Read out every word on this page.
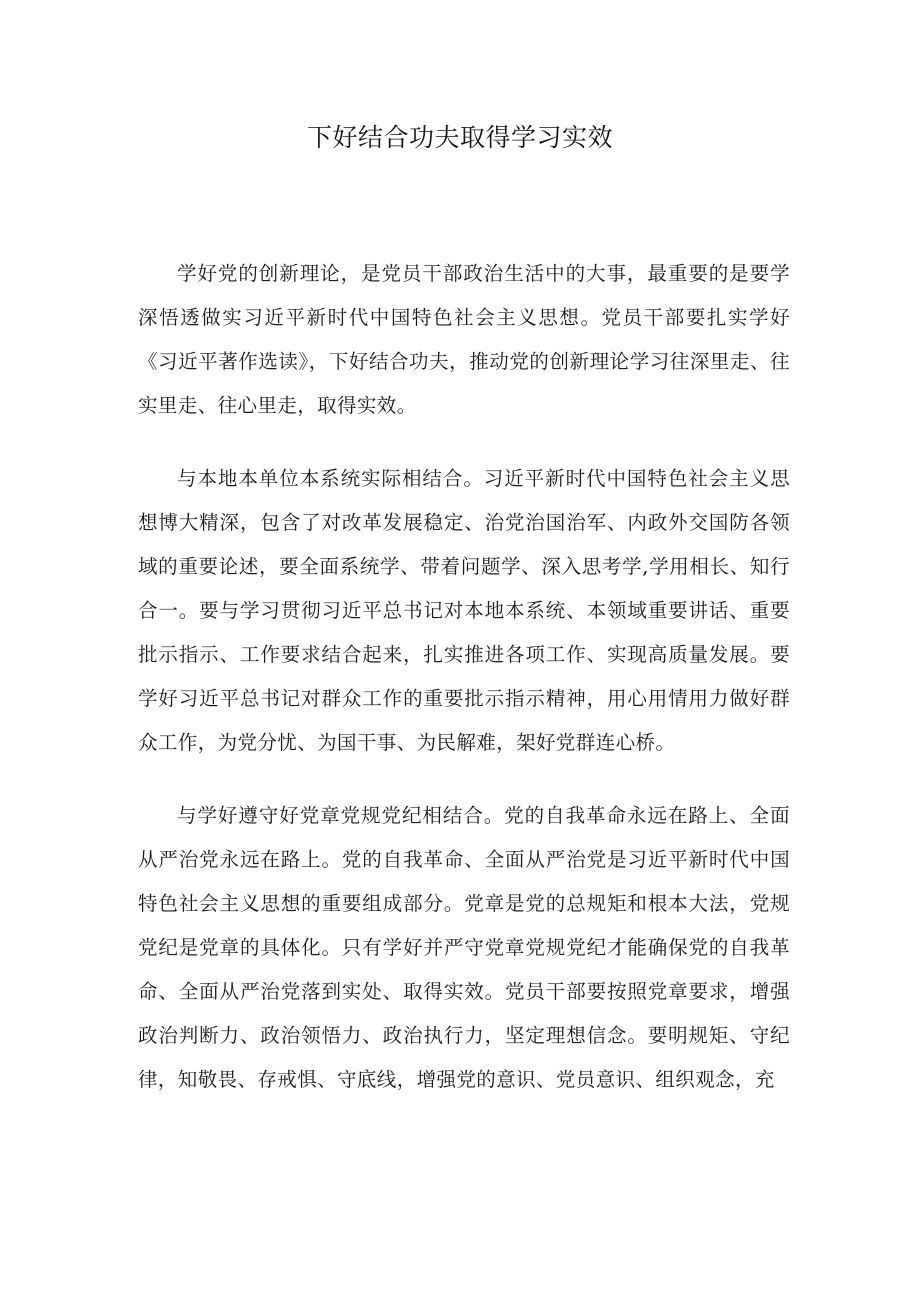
下好结合功夫取得学习实效

学好党的创新理论，是党员干部政治生活中的大事，最重要的是要学深悟透做实习近平新时代中国特色社会主义思想。党员干部要扎实学好《习近平著作选读》，下好结合功夫，推动党的创新理论学习往深里走、往实里走、往心里走，取得实效。

与本地本单位本系统实际相结合。习近平新时代中国特色社会主义思想博大精深，包含了对改革发展稳定、治党治国治军、内政外交国防各领域的重要论述，要全面系统学、带着问题学、深入思考学,学用相长、知行合一。要与学习贯彻习近平总书记对本地本系统、本领域重要讲话、重要批示指示、工作要求结合起来，扎实推进各项工作、实现高质量发展。要学好习近平总书记对群众工作的重要批示指示精神，用心用情用力做好群众工作，为党分忧、为国干事、为民解难，架好党群连心桥。

与学好遵守好党章党规党纪相结合。党的自我革命永远在路上、全面从严治党永远在路上。党的自我革命、全面从严治党是习近平新时代中国特色社会主义思想的重要组成部分。党章是党的总规矩和根本大法，党规党纪是党章的具体化。只有学好并严守党章党规党纪才能确保党的自我革命、全面从严治党落到实处、取得实效。党员干部要按照党章要求，增强政治判断力、政治领悟力、政治执行力，坚定理想信念。要明规矩、守纪律，知敬畏、存戒惧、守底线，增强党的意识、党员意识、组织观念，充
